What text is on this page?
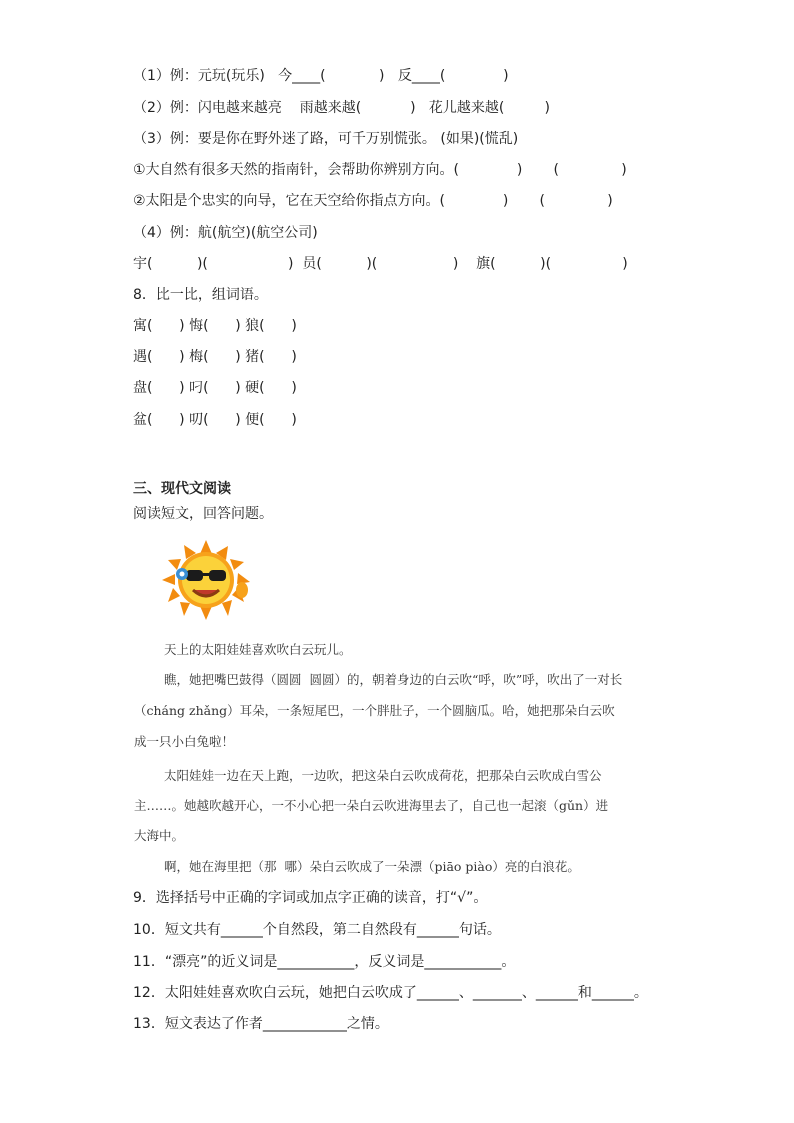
（1）例：元玩(玩乐)   今____(            )   反____(             )
（2）例：闪电越来越亮    雨越来越(           )   花儿越来越(         )
（3）例：要是你在野外迷了路，可千万别慌张。 (如果)(慌乱)
①大自然有很多天然的指南针，会帮助你辨别方向。(             )       (              )
②太阳是个忠实的向导，它在天空给你指点方向。(             )       (              )
（4）例：航(航空)(航空公司)
宇(          )(                  )  员(          )(                 )    旗(          )(                )
8．比一比，组词语。
寓(      ) 悔(      ) 狼(      )
遇(      ) 梅(      ) 猪(      )
盘(      ) 叼(      ) 硬(      )
盆(      ) 叨(      ) 便(      )
三、现代文阅读
阅读短文，回答问题。
天上的太阳娃娃喜欢吹白云玩儿。
瞧，她把嘴巴鼓得（圆圆  圆圆）的，朝着身边的白云吹“呼，吹”呼，吹出了一对长
（cháng zhǎng）耳朵，一条短尾巴，一个胖肚子，一个圆脑瓜。哈，她把那朵白云吹
成一只小白兔啦！
太阳娃娃一边在天上跑，一边吹，把这朵白云吹成荷花，把那朵白云吹成白雪公
主……。她越吹越开心，一不小心把一朵白云吹进海里去了，自己也一起滚（gǔn）进
大海中。
啊，她在海里把（那  哪）朵白云吹成了一朵漂（piāo piào）亮的白浪花。
9．选择括号中正确的字词或加点字正确的读音，打“√”。
10．短文共有______个自然段，第二自然段有______句话。
11．“漂亮”的近义词是___________，反义词是___________。
12．太阳娃娃喜欢吹白云玩，她把白云吹成了______、_______、______和______。
13．短文表达了作者____________之情。
